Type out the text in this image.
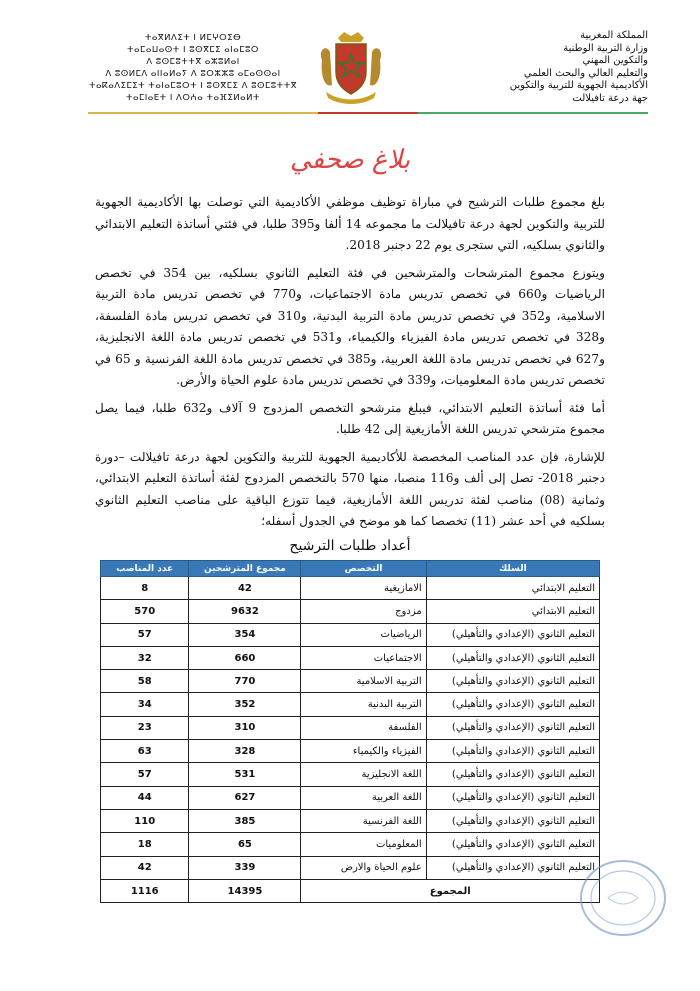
المملكة المغربية
وزارة التربية الوطنية
والتكوين المهني
والتعليم العالي والبحث العلمي
الأكاديمية الجهوية للتربية والتكوين
جهة درعة تافيلالت
ⵜⴰⴳⵍⴷⵉⵜ ⵏ ⵍⵎⵖⵔⵉⴱ
ⵜⴰⵎⴰⵡⴰⵙⵜ ⵏ ⵓⵙⴳⵎⵉ ⴰⵏⴰⵎⵓⵔ
ⴷ ⵓⵙⵎⵓⵜⵜⴳ ⴰⵣⵓⵍⴰⵏ
ⴷ ⵓⵙⵍⵎⴷ ⴰⵏⵏⴰⵍⴰⵢ ⴷ ⵓⵔⵣⵣⵓ ⴰⵎⴰⵙⵙⴰⵏ
ⵜⴰⴽⴰⴷⵉⵎⵉⵜ ⵜⴰⵏⴰⵎⵓⵔⵜ ⵏ ⵓⵙⴳⵎⵉ ⴷ ⵓⵙⵎⵓⵜⵜⴳ
ⵜⴰⵎⵏⴰⴹⵜ ⵏ ⴷⵔⵄⴰ ⵜⴰⴼⵉⵍⴰⵍⵜ
بلاغ صحفي

بلغ مجموع طلبات الترشيح في مباراة توظيف موظفي الأكاديمية التي توصلت بها الأكاديمية الجهوية للتربية والتكوين لجهة درعة تافيلالت ما مجموعه 14 ألفا و395 طلبا، في فئتي أساتذة التعليم الابتدائي والثانوي بسلكيه، التي ستجرى يوم 22 دجنبر 2018.

ويتوزع مجموع المترشحات والمترشحين في فئة التعليم الثانوي بسلكيه، بين 354 في تخصص الرياضيات و660 في تخصص تدريس مادة الاجتماعيات، و770 في تخصص تدريس مادة التربية الاسلامية، و352 في تخصص تدريس مادة التربية البدنية، و310 في تخصص تدريس مادة الفلسفة، و328 في تخصص تدريس مادة الفيزياء والكيمياء، و531 في تخصص تدريس مادة اللغة الانجليزية، و627 في تخصص تدريس مادة اللغة العربية، و385 في تخصص تدريس مادة اللغة الفرنسية و 65 في تخصص تدريس مادة المعلوميات، و339 في تخصص تدريس مادة علوم الحياة والأرض.

أما فئة أساتذة التعليم الابتدائي، فيبلغ مترشحو التخصص المزدوج 9 آلاف و632 طلبا، فيما يصل مجموع مترشحي تدريس اللغة الأمازيغية إلى 42 طلبا.

للإشارة، فإن عدد المناصب المخصصة للأكاديمية الجهوية للتربية والتكوين لجهة درعة تافيلالت –دورة دجنبر 2018- تصل إلى ألف و116 منصبا، منها 570 بالتخصص المزدوج لفئة أساتذة التعليم الابتدائي، وثمانية (08) مناصب لفئة تدريس اللغة الأمازيغية، فيما تتوزع الباقية على مناصب التعليم الثانوي بسلكيه في أحد عشر (11) تخصصا كما هو موضح في الجدول أسفله؛

أعداد طلبات الترشيح
السلك	التخصص	مجموع المترشحين	عدد المناصب
التعليم الابتدائي	الامازيغية	42	8
التعليم الابتدائي	مزدوج	9632	570
التعليم الثانوي (الإعدادي والتأهيلي)	الرياضيات	354	57
التعليم الثانوي (الإعدادي والتأهيلي)	الاجتماعيات	660	32
التعليم الثانوي (الإعدادي والتأهيلي)	التربية الاسلامية	770	58
التعليم الثانوي (الإعدادي والتأهيلي)	التربية البدنية	352	34
التعليم الثانوي (الإعدادي والتأهيلي)	الفلسفة	310	23
التعليم الثانوي (الإعدادي والتأهيلي)	الفيزياء والكيمياء	328	63
التعليم الثانوي (الإعدادي والتأهيلي)	اللغة الانجليزية	531	57
التعليم الثانوي (الإعدادي والتأهيلي)	اللغة العربية	627	44
التعليم الثانوي (الإعدادي والتأهيلي)	اللغة الفرنسية	385	110
التعليم الثانوي (الإعدادي والتأهيلي)	المعلوميات	65	18
التعليم الثانوي (الإعدادي والتأهيلي)	علوم الحياة والارض	339	42
المجموع		14395	1116
